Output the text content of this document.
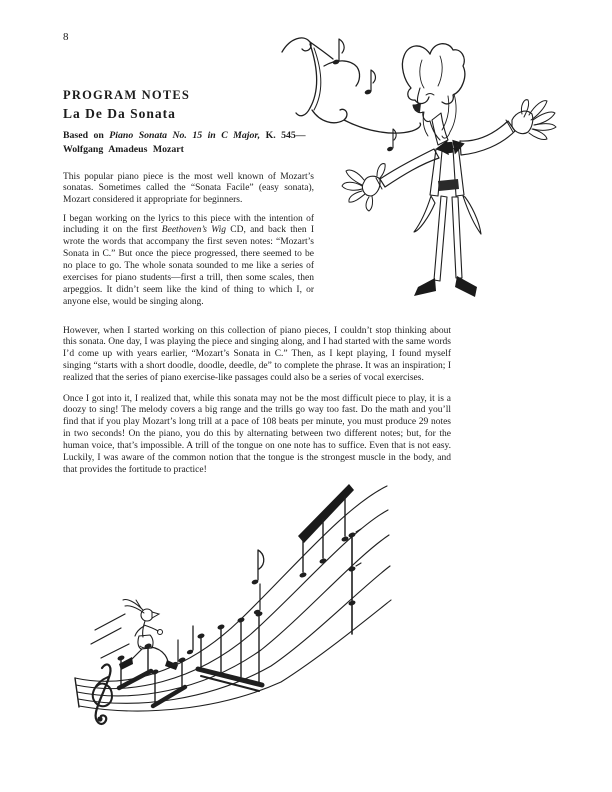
8
PROGRAM NOTES
La De Da Sonata
Based on Piano Sonata No. 15 in C Major, K. 545—
Wolfgang Amadeus Mozart

This popular piano piece is the most well known of Mozart’s sonatas. Sometimes called the “Sonata Facile” (easy sonata), Mozart considered it appropriate for beginners.

I began working on the lyrics to this piece with the intention of including it on the first Beethoven’s Wig CD, and back then I wrote the words that accompany the first seven notes: “Mozart’s Sonata in C.” But once the piece progressed, there seemed to be no place to go. The whole sonata sounded to me like a series of exercises for piano students—first a trill, then some scales, then arpeggios. It didn’t seem like the kind of thing to which I, or anyone else, would be singing along.

However, when I started working on this collection of piano pieces, I couldn’t stop thinking about this sonata. One day, I was playing the piece and singing along, and I had started with the same words I’d come up with years earlier, “Mozart’s Sonata in C.” Then, as I kept playing, I found myself singing “starts with a short doodle, doodle, deedle, de” to complete the phrase. It was an inspiration; I realized that the series of piano exercise-like passages could also be a series of vocal exercises.

Once I got into it, I realized that, while this sonata may not be the most difficult piece to play, it is a doozy to sing! The melody covers a big range and the trills go way too fast. Do the math and you’ll find that if you play Mozart’s long trill at a pace of 108 beats per minute, you must produce 29 notes in two seconds! On the piano, you do this by alternating between two different notes; but, for the human voice, that’s impossible. A trill of the tongue on one note has to suffice. Even that is not easy. Luckily, I was aware of the common notion that the tongue is the strongest muscle in the body, and that provides the fortitude to practice!
